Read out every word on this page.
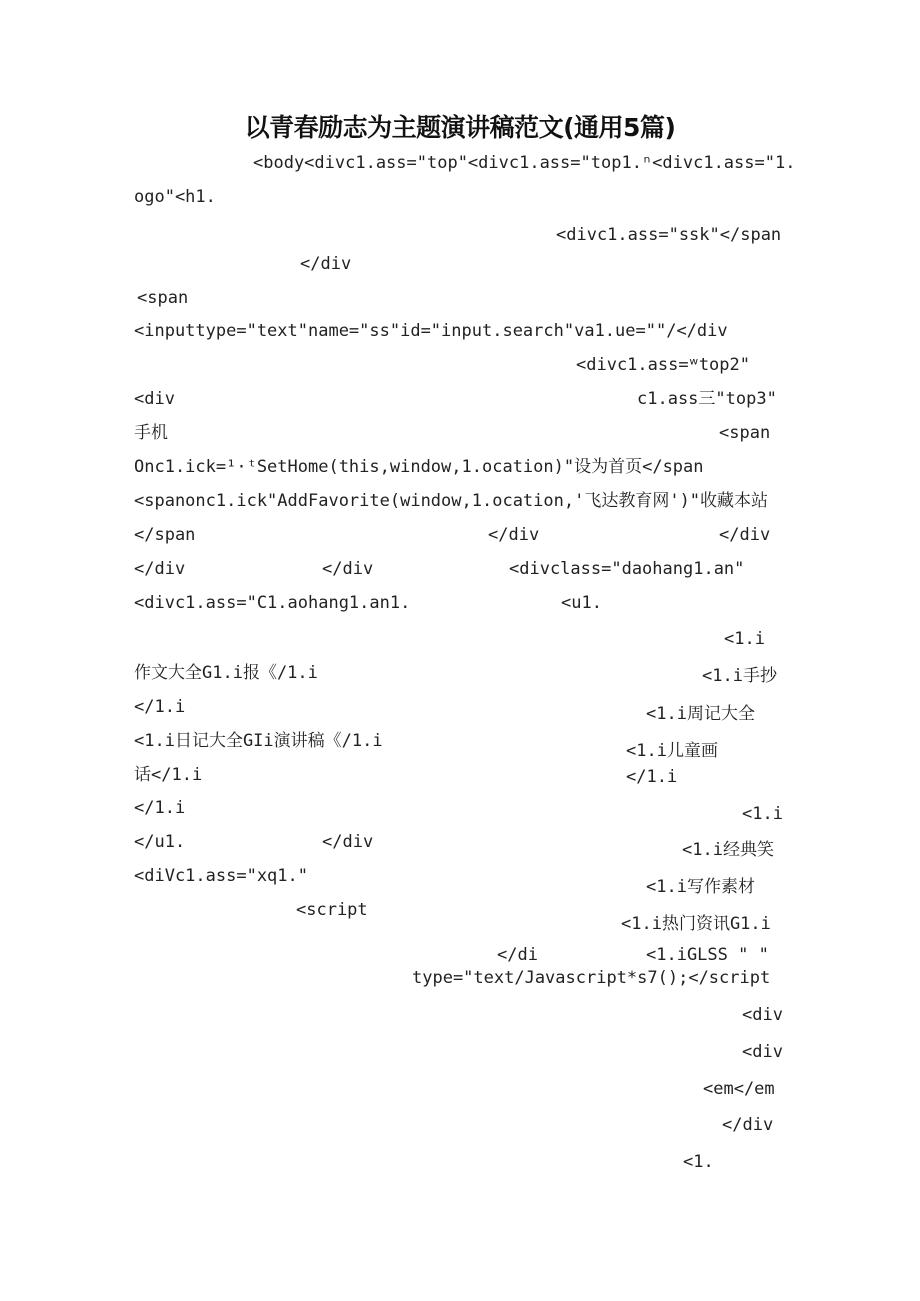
以青春励志为主题演讲稿范文(通用5篇)
<body<divc1.ass="top"<divc1.ass="top1.ⁿ<divc1.ass="1.
ogo"<h1.
<divc1.ass="ssk"</span
</div
<span
<inputtype="text"name="ss"id="input.search"va1.ue=""/</div
<divc1.ass=ʷtop2"
<div	c1.ass三"top3"
手机	<span
Onc1.ick=¹·ᵗSetHome(this,window,1.ocation)"设为首页</span
<spanonc1.ick"AddFavorite(window,1.ocation,'飞达教育网')"收藏本站
</span	</div	</div
</div	</div	<divclass="daohang1.an"
<divc1.ass="C1.aohang1.an1.	<u1.
<1.i
作文大全G1.i报《/1.i	<1.i手抄
</1.i	<1.i周记大全
<1.i日记大全GIi演讲稿《/1.i	<1.i儿童画
话</1.i	</1.i
</1.i	<1.i
</u1.	</div	<1.i经典笑
<diVc1.ass="xq1."
<1.i写作素材
<script
<1.i热门资讯G1.i
</di	<1.iGLSS " "
type="text/Javascript*s7();</script
<div
<div
<em</em
</div
<1.
